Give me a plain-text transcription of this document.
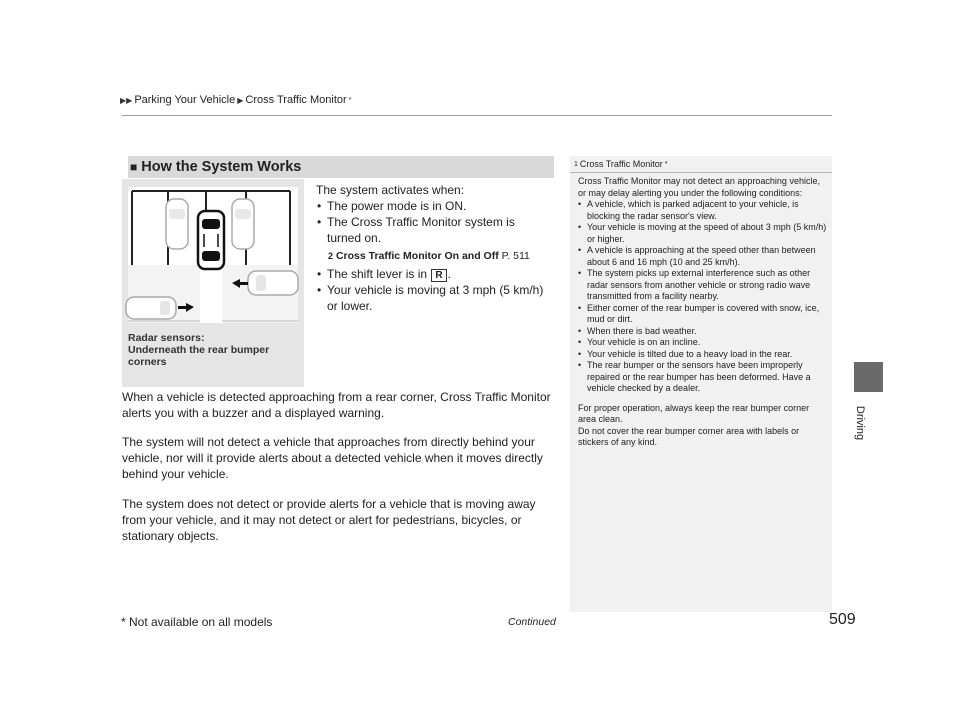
▶▶ Parking Your Vehicle ▶ Cross Traffic Monitor *
Driving
■ How the System Works
Radar sensors:
Underneath the rear bumper corners

The system activates when:

• The power mode is in ON.

• The Cross Traffic Monitor system is turned on.

2 Cross Traffic Monitor On and Off P. 511

• The shift lever is in R .

• Your vehicle is moving at 3 mph (5 km/h) or lower.

When a vehicle is detected approaching from a rear corner, Cross Traffic Monitor alerts you with a buzzer and a displayed warning.

The system will not detect a vehicle that approaches from directly behind your vehicle, nor will it provide alerts about a detected vehicle when it moves directly behind your vehicle.

The system does not detect or provide alerts for a vehicle that is moving away from your vehicle, and it may not detect or alert for pedestrians, bicycles, or stationary objects.

1 Cross Traffic Monitor *

Cross Traffic Monitor may not detect an approaching vehicle, or may delay alerting you under the following conditions:

• A vehicle, which is parked adjacent to your vehicle, is blocking the radar sensor's view.

• Your vehicle is moving at the speed of about 3 mph (5 km/h) or higher.

• A vehicle is approaching at the speed other than between about 6 and 16 mph (10 and 25 km/h).

• The system picks up external interference such as other radar sensors from another vehicle or strong radio wave transmitted from a facility nearby.

• Either corner of the rear bumper is covered with snow, ice, mud or dirt.

• When there is bad weather.

• Your vehicle is on an incline.

• Your vehicle is tilted due to a heavy load in the rear.

• The rear bumper or the sensors have been improperly repaired or the rear bumper has been deformed. Have a vehicle checked by a dealer.

For proper operation, always keep the rear bumper corner area clean.

Do not cover the rear bumper corner area with labels or stickers of any kind.

* Not available on all models	Continued	509
